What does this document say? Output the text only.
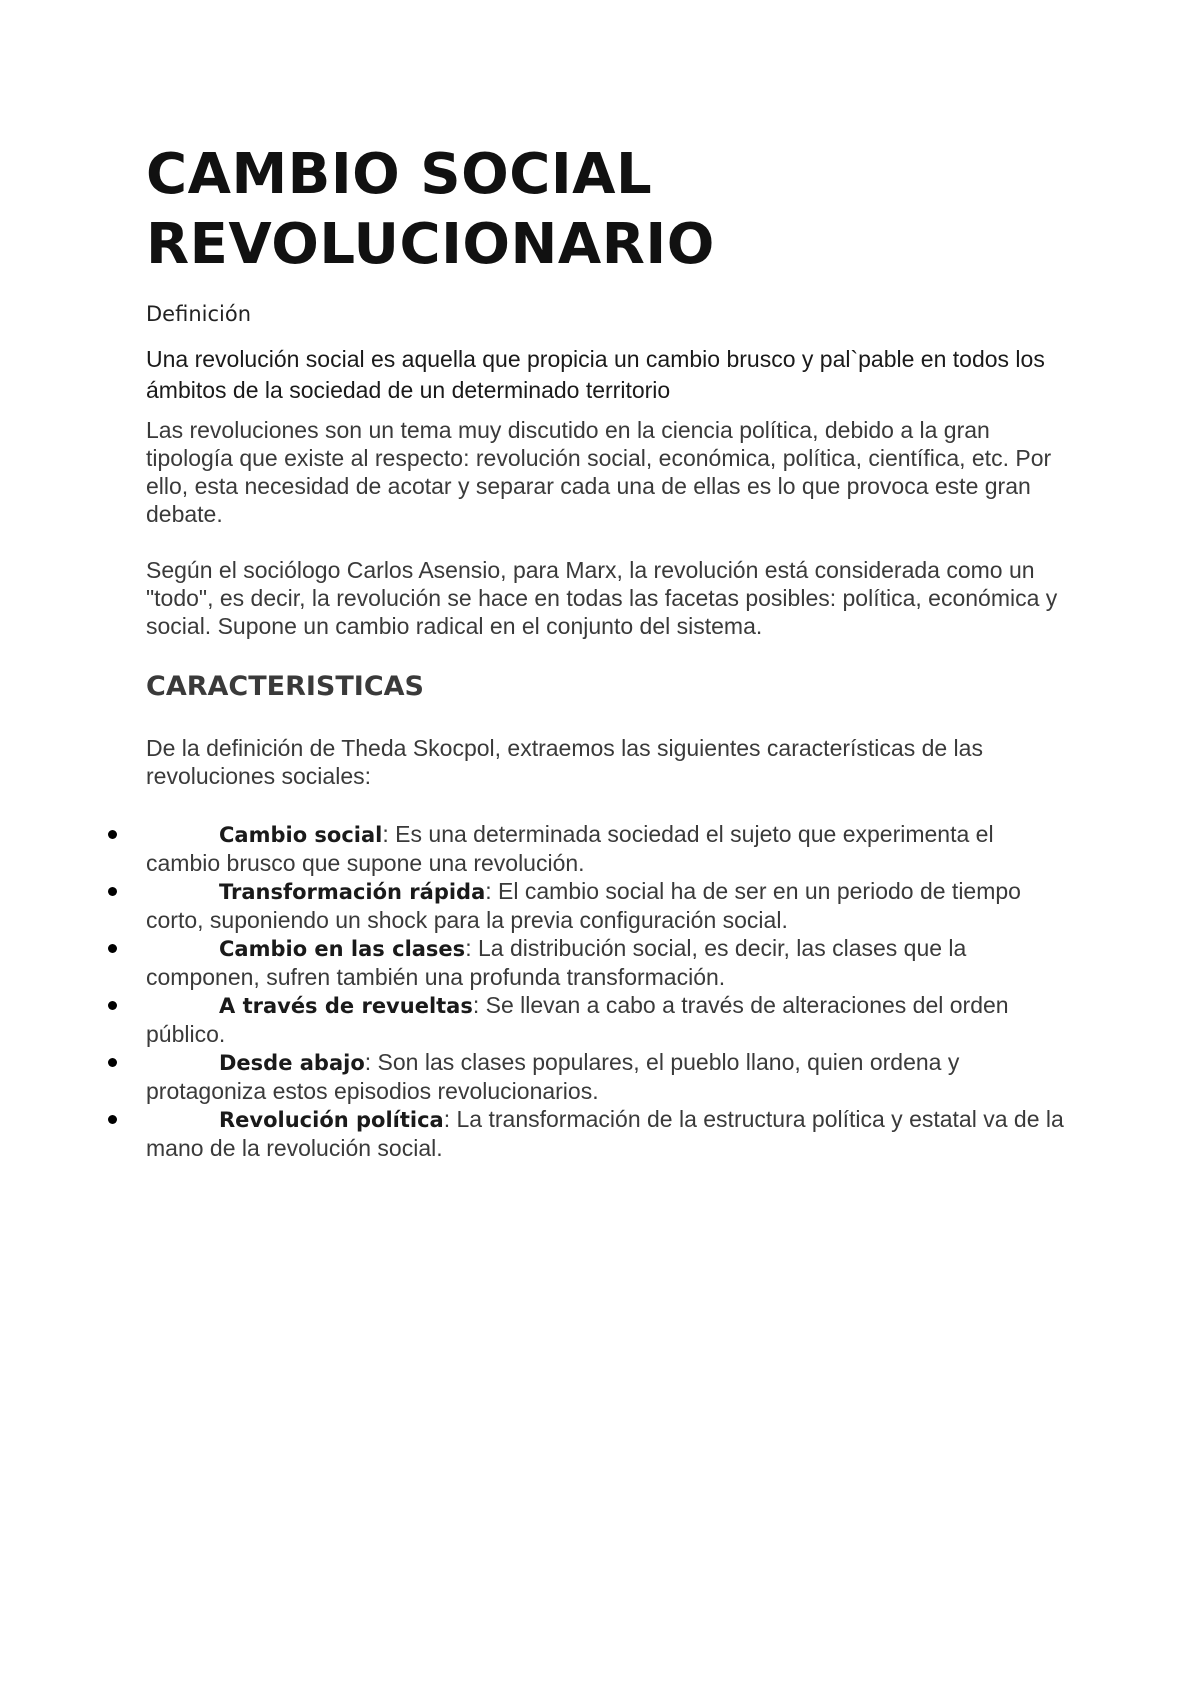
CAMBIO SOCIAL
REVOLUCIONARIO

Definición

Una revolución social es aquella que propicia un cambio brusco y pal`pable en todos los ámbitos de la sociedad de un determinado territorio

Las revoluciones son un tema muy discutido en la ciencia política, debido a la gran tipología que existe al respecto: revolución social, económica, política, científica, etc. Por ello, esta necesidad de acotar y separar cada una de ellas es lo que provoca este gran debate.

Según el sociólogo Carlos Asensio, para Marx, la revolución está considerada como un "todo", es decir, la revolución se hace en todas las facetas posibles: política, económica y social. Supone un cambio radical en el conjunto del sistema.

CARACTERISTICAS

De la definición de Theda Skocpol, extraemos las siguientes características de las revoluciones sociales:

Cambio social: Es una determinada sociedad el sujeto que experimenta el cambio brusco que supone una revolución.
Transformación rápida: El cambio social ha de ser en un periodo de tiempo corto, suponiendo un shock para la previa configuración social.
Cambio en las clases: La distribución social, es decir, las clases que la componen, sufren también una profunda transformación.
A través de revueltas: Se llevan a cabo a través de alteraciones del orden público.
Desde abajo: Son las clases populares, el pueblo llano, quien ordena y protagoniza estos episodios revolucionarios.
Revolución política: La transformación de la estructura política y estatal va de la mano de la revolución social.
